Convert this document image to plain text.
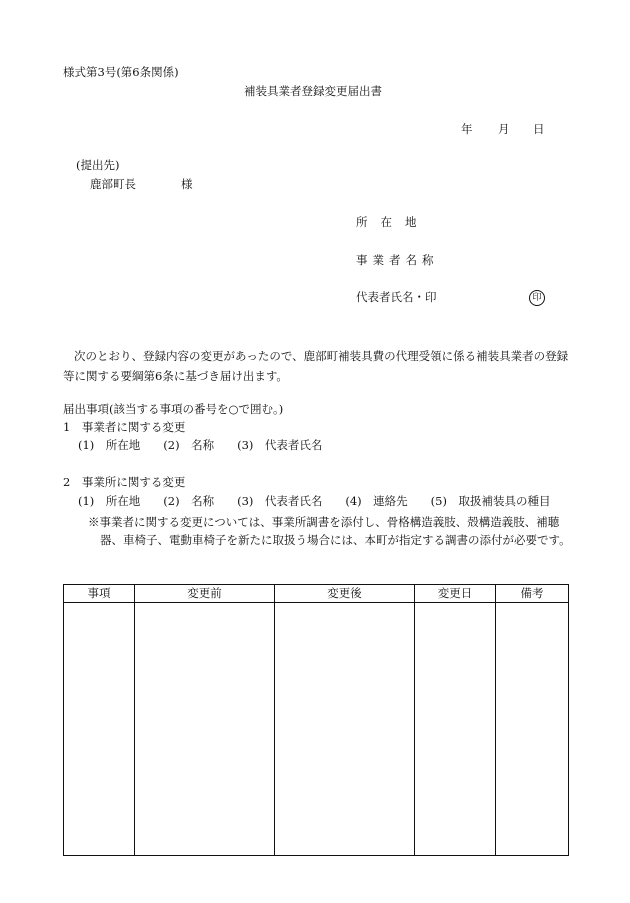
様式第3号(第6条関係)
補装具業者登録変更届出書
年 月 日
(提出先)
鹿部町長	様
所在地
事業者名称
代表者氏名・印	印
次のとおり、登録内容の変更があったので、鹿部町補装具費の代理受領に係る補装具業者の登録等に関する要綱第6条に基づき届け出ます。
届出事項(該当する事項の番号を○で囲む。)
1　事業者に関する変更
(1)　所在地　　(2)　名称　　(3)　代表者氏名
2　事業所に関する変更
(1)　所在地　　(2)　名称　　(3)　代表者氏名　　(4)　連絡先　　(5)　取扱補装具の種目
※事業者に関する変更については、事業所調書を添付し、骨格構造義肢、殻構造義肢、補聴器、車椅子、電動車椅子を新たに取扱う場合には、本町が指定する調書の添付が必要です。
事項	変更前	変更後	変更日	備考
